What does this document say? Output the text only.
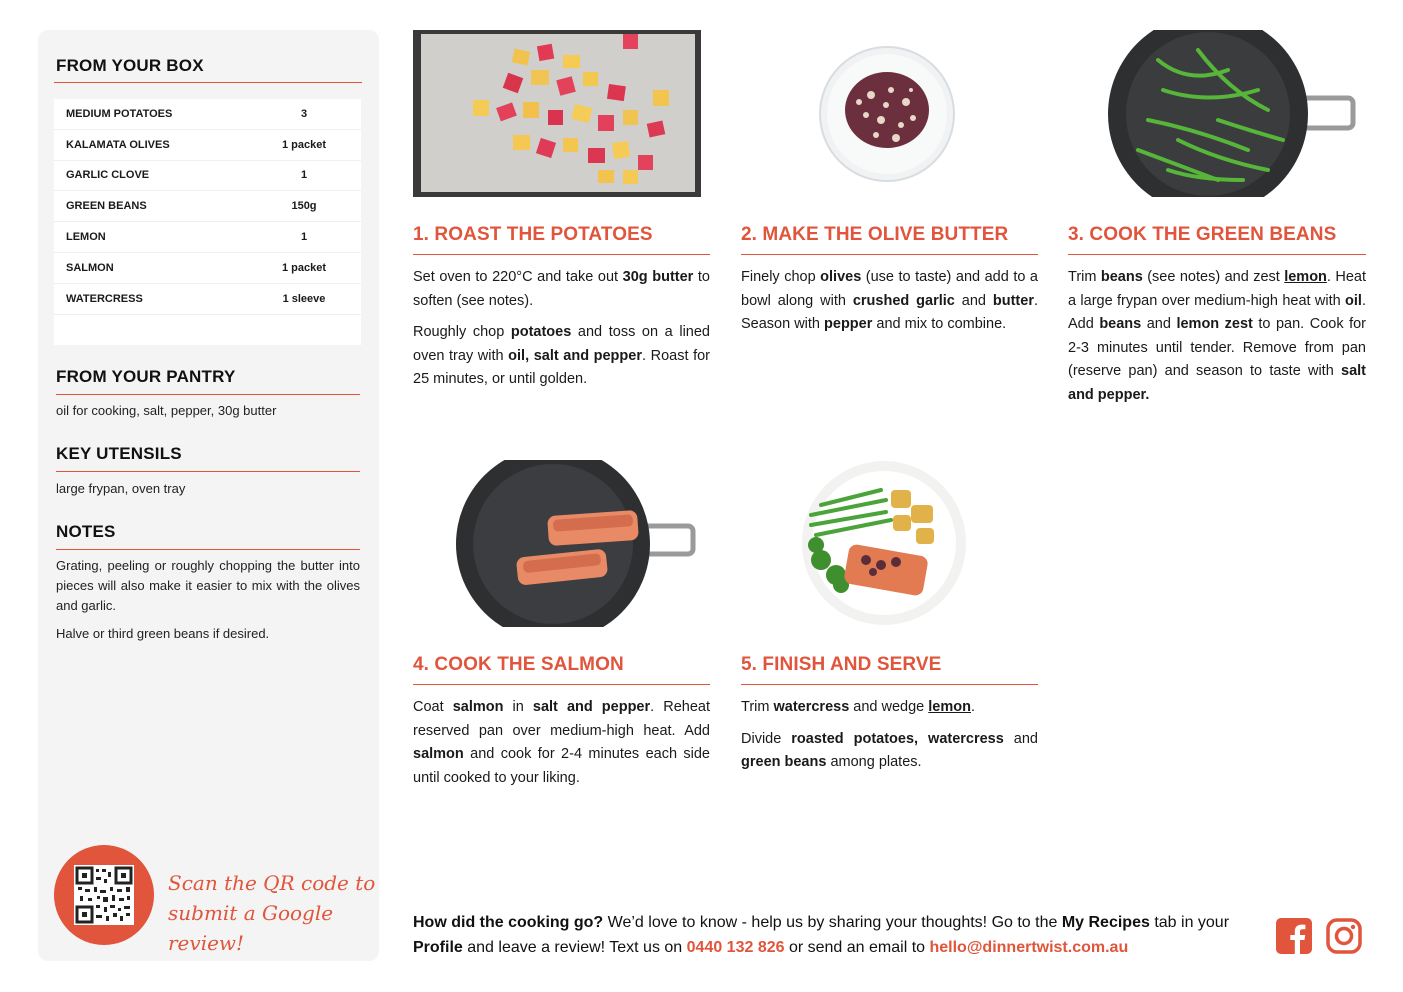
FROM YOUR BOX
MEDIUM POTATOES	3
KALAMATA OLIVES	1 packet
GARLIC CLOVE	1
GREEN BEANS	150g
LEMON	1
SALMON	1 packet
WATERCRESS	1 sleeve
FROM YOUR PANTRY
oil for cooking, salt, pepper, 30g butter
KEY UTENSILS
large frypan, oven tray
NOTES
Grating, peeling or roughly chopping the butter into pieces will also make it easier to mix with the olives and garlic.
Halve or third green beans if desired.
Scan the QR code to
submit a Google review!
1. ROAST THE POTATOES	2. MAKE THE OLIVE BUTTER	3. COOK THE GREEN BEANS
4. COOK THE SALMON	5. FINISH AND SERVE

Set oven to 220°C and take out 30g butter to soften (see notes).

Roughly chop potatoes and toss on a lined oven tray with oil, salt and pepper. Roast for 25 minutes, or until golden.

Finely chop olives (use to taste) and add to a bowl along with crushed garlic and butter. Season with pepper and mix to combine.

Trim beans (see notes) and zest lemon. Heat a large frypan over medium-high heat with oil. Add beans and lemon zest to pan. Cook for 2-3 minutes until tender. Remove from pan (reserve pan) and season to taste with salt and pepper.

Coat salmon in salt and pepper. Reheat reserved pan over medium-high heat. Add salmon and cook for 2-4 minutes each side until cooked to your liking.

Trim watercress and wedge lemon.

Divide roasted potatoes, watercress and green beans among plates.

How did the cooking go? We’d love to know - help us by sharing your thoughts! Go to the My Recipes tab in your Profile and leave a review! Text us on 0440 132 826 or send an email to hello@dinnertwist.com.au
